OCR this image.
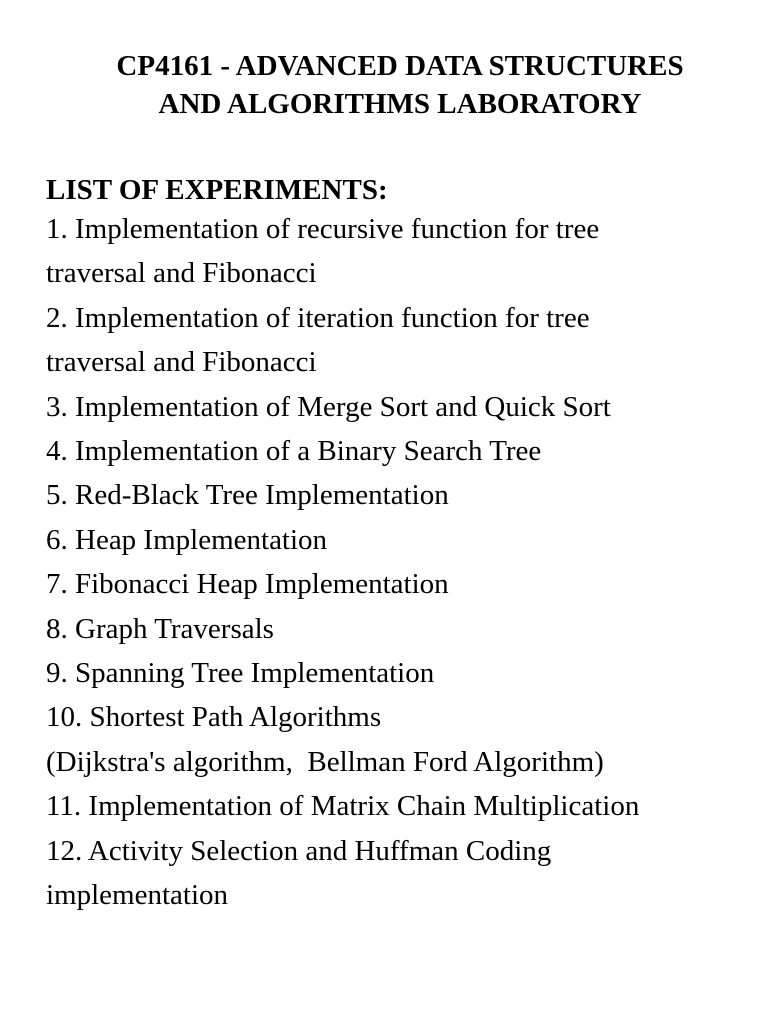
CP4161 - ADVANCED DATA STRUCTURES
AND ALGORITHMS LABORATORY
LIST OF EXPERIMENTS:
1. Implementation of recursive function for tree
traversal and Fibonacci
2. Implementation of iteration function for tree
traversal and Fibonacci
3. Implementation of Merge Sort and Quick Sort
4. Implementation of a Binary Search Tree
5. Red-Black Tree Implementation
6. Heap Implementation
7. Fibonacci Heap Implementation
8. Graph Traversals
9. Spanning Tree Implementation
10. Shortest Path Algorithms
(Dijkstra's algorithm,  Bellman Ford Algorithm)
11. Implementation of Matrix Chain Multiplication
12. Activity Selection and Huffman Coding
implementation
